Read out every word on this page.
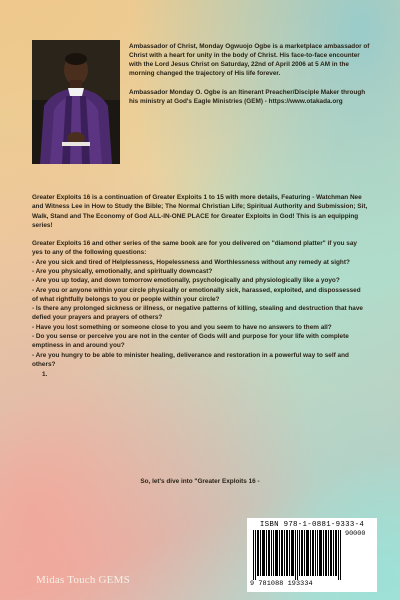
Ambassador of Christ, Monday Ogwuojo Ogbe is a marketplace ambassador of Christ with a heart for unity in the body of Christ. His face-to-face encounter with the Lord Jesus Christ on Saturday, 22nd of April 2006 at 5 AM in the morning changed the trajectory of His life forever.

Ambassador Monday O. Ogbe is an Itinerant Preacher/Disciple Maker through his ministry at God's Eagle Ministries (GEM) - https://www.otakada.org

Greater Exploits 16 is a continuation of Greater Exploits 1 to 15 with more details, Featuring - Watchman Nee and Witness Lee in How to Study the Bible; The Normal Christian Life; Spiritual Authority and Submission; Sit, Walk, Stand and The Economy of God ALL-IN-ONE PLACE for Greater Exploits in God! This is an equipping series!

Greater Exploits 16 and other series of the same book are for you delivered on "diamond platter" if you say yes to any of the following questions:
- Are you sick and tired of Helplessness, Hopelessness and Worthlessness without any remedy at sight?
- Are you physically, emotionally, and spiritually downcast?
- Are you up today, and down tomorrow emotionally, psychologically and physiologically like a yoyo?
- Are you or anyone within your circle physically or emotionally sick, harassed, exploited, and dispossessed of what rightfully belongs to you or people within your circle?
- Is there any prolonged sickness or illness, or negative patterns of killing, stealing and destruction that have defied your prayers and prayers of others?
- Have you lost something or someone close to you and you seem to have no answers to them all?
- Do you sense or perceive you are not in the center of Gods will and purpose for your life with complete emptiness in and around you?
- Are you hungry to be able to minister healing, deliverance and restoration in a powerful way to self and others?
1.

So, let's dive into "Greater Exploits 16 -
Midas Touch GEMS
ISBN 978-1-0881-9333-4
90000
9 781088 193334
